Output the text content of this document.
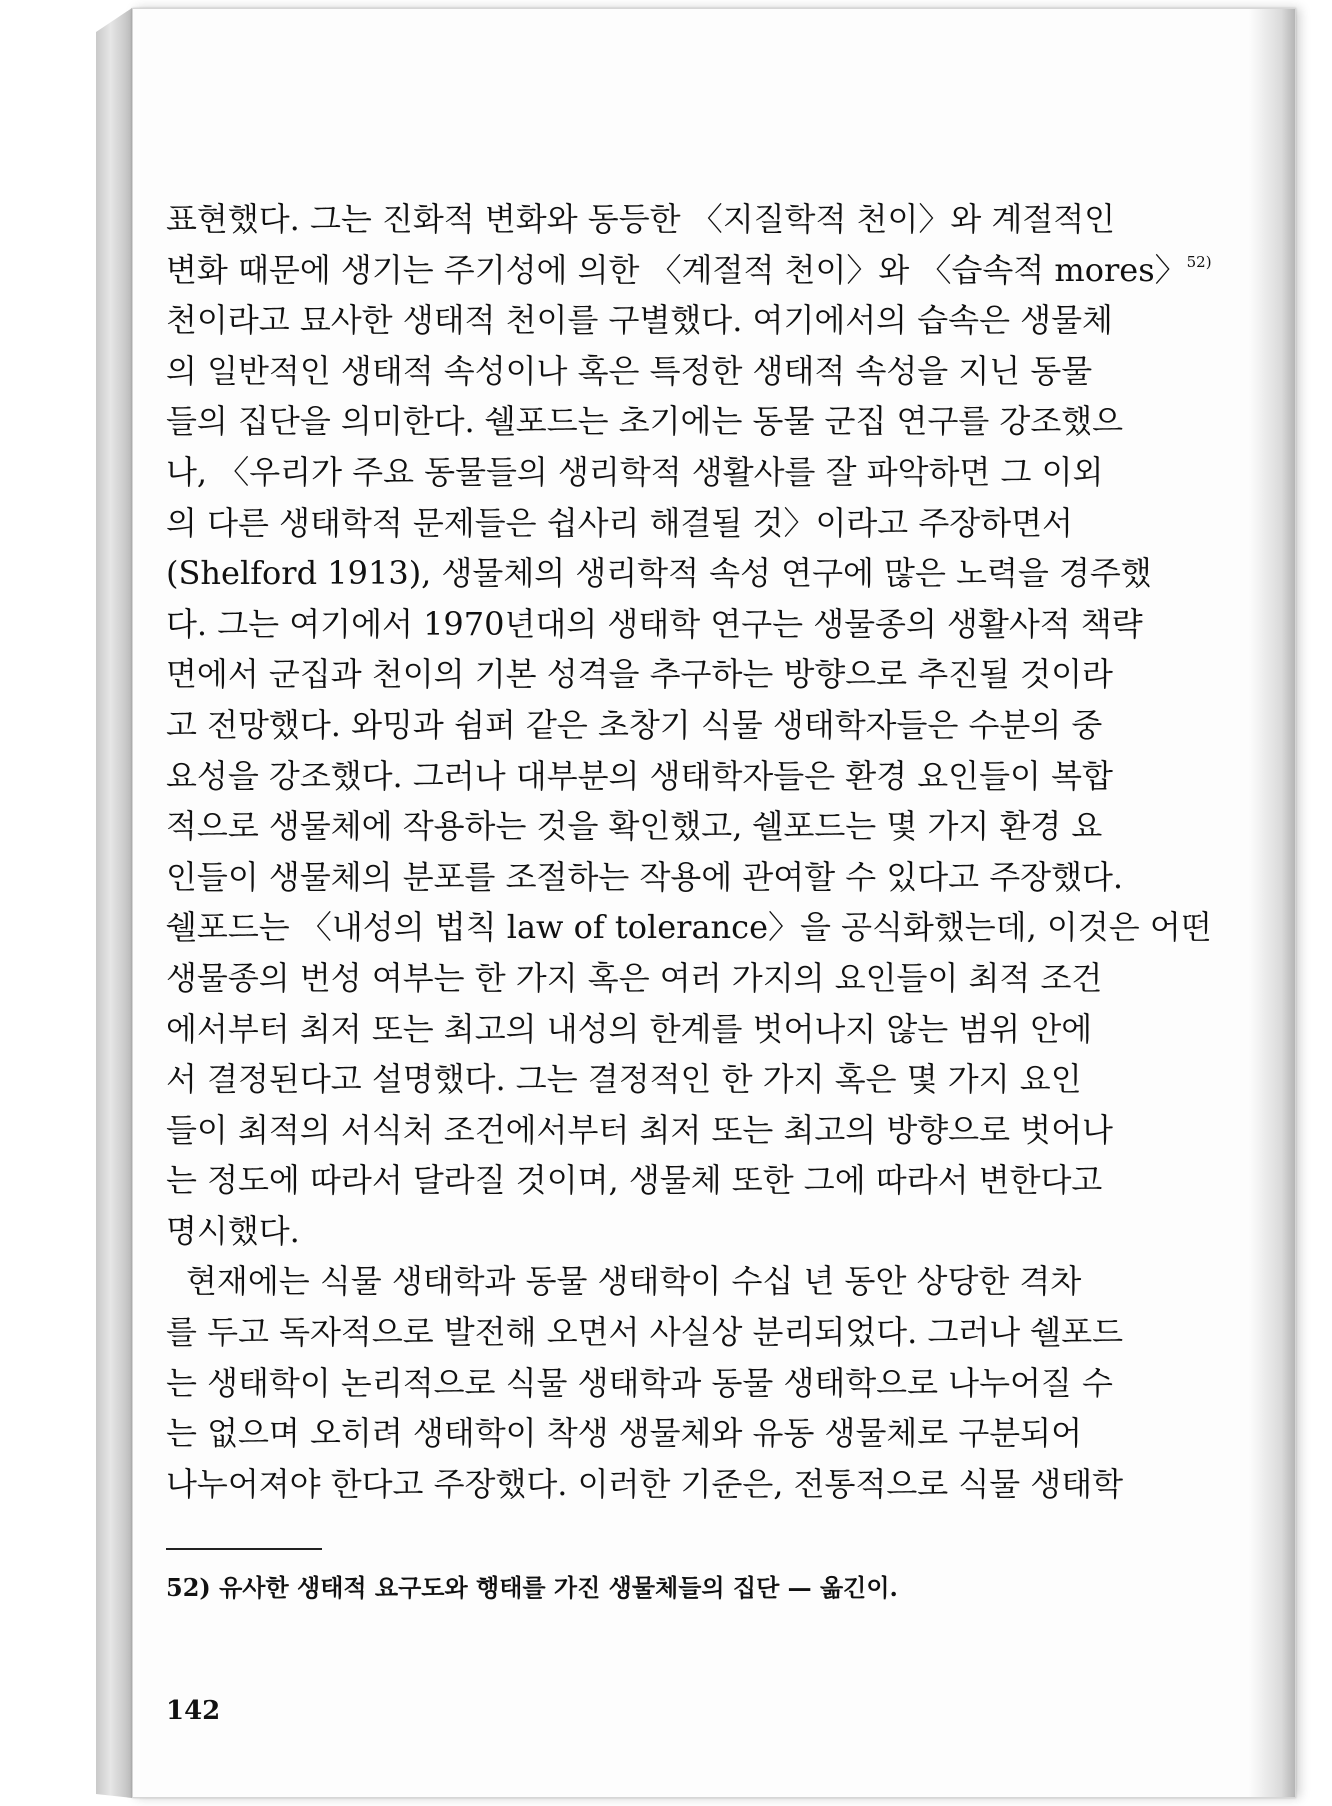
표현했다. 그는 진화적 변화와 동등한 〈지질학적 천이〉와 계절적인
변화 때문에 생기는 주기성에 의한 〈계절적 천이〉와 〈습속적 mores〉$^{52)}$
천이라고 묘사한 생태적 천이를 구별했다. 여기에서의 습속은 생물체
의 일반적인 생태적 속성이나 혹은 특정한 생태적 속성을 지닌 동물
들의 집단을 의미한다. 쉘포드는 초기에는 동물 군집 연구를 강조했으
나, 〈우리가 주요 동물들의 생리학적 생활사를 잘 파악하면 그 이외
의 다른 생태학적 문제들은 쉽사리 해결될 것〉이라고 주장하면서
(Shelford 1913), 생물체의 생리학적 속성 연구에 많은 노력을 경주했
다. 그는 여기에서 1970년대의 생태학 연구는 생물종의 생활사적 책략
면에서 군집과 천이의 기본 성격을 추구하는 방향으로 추진될 것이라
고 전망했다. 와밍과 쉼퍼 같은 초창기 식물 생태학자들은 수분의 중
요성을 강조했다. 그러나 대부분의 생태학자들은 환경 요인들이 복합
적으로 생물체에 작용하는 것을 확인했고, 쉘포드는 몇 가지 환경 요
인들이 생물체의 분포를 조절하는 작용에 관여할 수 있다고 주장했다.
쉘포드는 〈내성의 법칙 law of tolerance〉을 공식화했는데, 이것은 어떤
생물종의 번성 여부는 한 가지 혹은 여러 가지의 요인들이 최적 조건
에서부터 최저 또는 최고의 내성의 한계를 벗어나지 않는 범위 안에
서 결정된다고 설명했다. 그는 결정적인 한 가지 혹은 몇 가지 요인
들이 최적의 서식처 조건에서부터 최저 또는 최고의 방향으로 벗어나
는 정도에 따라서 달라질 것이며, 생물체 또한 그에 따라서 변한다고
명시했다.
현재에는 식물 생태학과 동물 생태학이 수십 년 동안 상당한 격차
를 두고 독자적으로 발전해 오면서 사실상 분리되었다. 그러나 쉘포드
는 생태학이 논리적으로 식물 생태학과 동물 생태학으로 나누어질 수
는 없으며 오히려 생태학이 착생 생물체와 유동 생물체로 구분되어
나누어져야 한다고 주장했다. 이러한 기준은, 전통적으로 식물 생태학
52) 유사한 생태적 요구도와 행태를 가진 생물체들의 집단 — 옮긴이.
142
